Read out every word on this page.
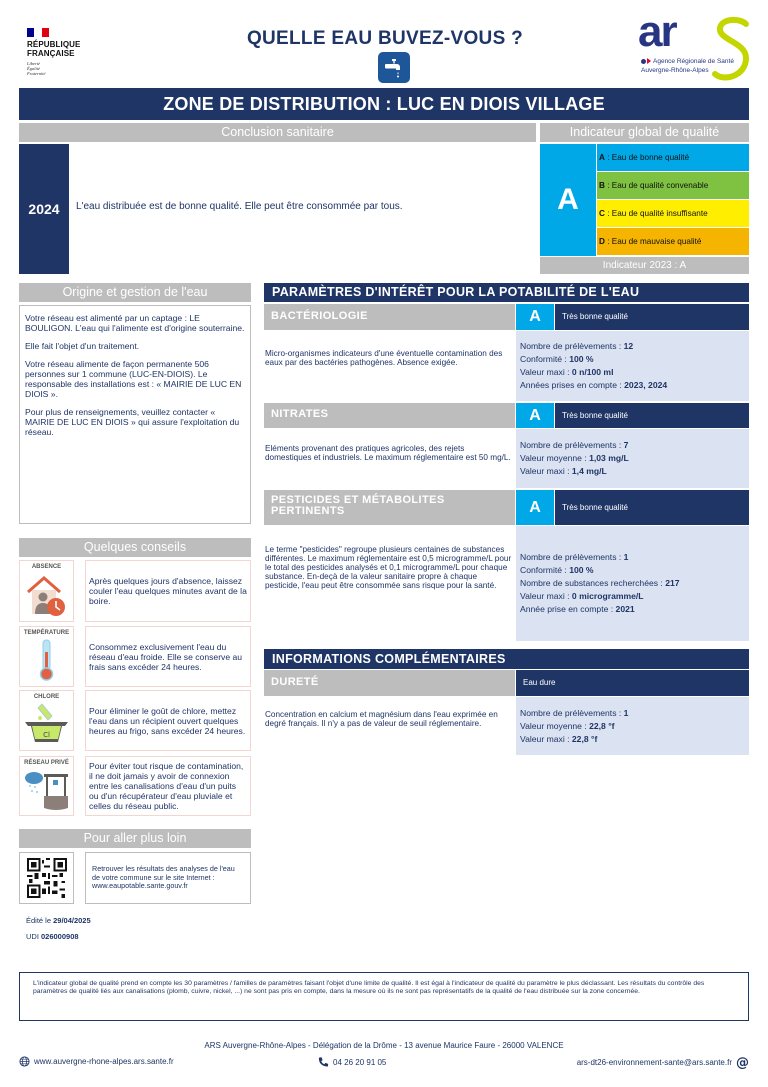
RÉPUBLIQUE
FRANÇAISE
Liberté
Égalité
Fraternité
QUELLE EAU BUVEZ-VOUS ?	ar
Agence Régionale de Santé
Auvergne-Rhône-Alpes
ZONE DE DISTRIBUTION : LUC EN DIOIS VILLAGE
Conclusion sanitaire	Indicateur global de qualité
2024	L'eau distribuée est de bonne qualité. Elle peut être consommée par tous.	A
A : Eau de bonne qualité
B : Eau de qualité convenable
C : Eau de qualité insuffisante
D : Eau de mauvaise qualité
Indicateur 2023 : A
Origine et gestion de l'eau

Votre réseau est alimenté par un captage : LE BOULIGON. L'eau qui l'alimente est d'origine souterraine.

Elle fait l'objet d'un traitement.

Votre réseau alimente de façon permanente 506 personnes sur 1 commune (LUC-EN-DIOIS). Le responsable des installations est : « MAIRIE DE LUC EN DIOIS ».

Pour plus de renseignements, veuillez contacter « MAIRIE DE LUC EN DIOIS » qui assure l'exploitation du réseau.

Quelques conseils
ABSENCE
Après quelques jours d'absence, laissez couler l'eau quelques minutes avant de la boire.
TEMPÉRATURE
Consommez exclusivement l'eau du réseau d'eau froide. Elle se conserve au frais sans excéder 24 heures.
CHLORE
Cl
Pour éliminer le goût de chlore, mettez l'eau dans un récipient ouvert quelques heures au frigo, sans excéder 24 heures.
RÉSEAU PRIVÉ	Pour éviter tout risque de contamination, il ne doit jamais y avoir de connexion entre les canalisations d'eau d'un puits ou d'un récupérateur d'eau pluviale et celles du réseau public.
Pour aller plus loin
Retrouver les résultats des analyses de l'eau de votre commune sur le site Internet : www.eaupotable.sante.gouv.fr
Édité le 29/04/2025
UDI 026000908
PARAMÈTRES D'INTÉRÊT POUR LA POTABILITÉ DE L'EAU
BACTÉRIOLOGIE	A	Très bonne qualité
Micro-organismes indicateurs d'une éventuelle contamination des eaux par des bactéries pathogènes. Absence exigée.
Nombre de prélèvements : 12
Conformité : 100 %
Valeur maxi : 0 n/100 ml
Années prises en compte : 2023, 2024
NITRATES	A	Très bonne qualité
Eléments provenant des pratiques agricoles, des rejets domestiques et industriels. Le maximum réglementaire est 50 mg/L.
Nombre de prélèvements : 7
Valeur moyenne : 1,03 mg/L
Valeur maxi : 1,4 mg/L
PESTICIDES ET MÉTABOLITES PERTINENTS	A	Très bonne qualité
Le terme "pesticides" regroupe plusieurs centaines de substances différentes. Le maximum réglementaire est 0,5 microgramme/L pour le total des pesticides analysés et 0,1 microgramme/L pour chaque substance. En-deçà de la valeur sanitaire propre à chaque pesticide, l'eau peut être consommée sans risque pour la santé.
Nombre de prélèvements : 1
Conformité : 100 %
Nombre de substances recherchées : 217
Valeur maxi : 0 microgramme/L
Année prise en compte : 2021
INFORMATIONS COMPLÉMENTAIRES
DURETÉ	Eau dure
Concentration en calcium et magnésium dans l'eau exprimée en degré français. Il n'y a pas de valeur de seuil réglementaire.
Nombre de prélèvements : 1
Valeur moyenne : 22,8 °f
Valeur maxi : 22,8 °f
L'indicateur global de qualité prend en compte les 30 paramètres / familles de paramètres faisant l'objet d'une limite de qualité. Il est égal à l'indicateur de qualité du paramètre le plus déclassant. Les résultats du contrôle des paramètres de qualité liés aux canalisations (plomb, cuivre, nickel, ...) ne sont pas pris en compte, dans la mesure où ils ne sont pas représentatifs de la qualité de l'eau distribuée sur la zone concernée.
ARS Auvergne-Rhône-Alpes - Délégation de la Drôme - 13 avenue Maurice Faure - 26000 VALENCE
www.auvergne-rhone-alpes.ars.sante.fr	04 26 20 91 05	ars-dt26-environnement-sante@ars.sante.fr @
